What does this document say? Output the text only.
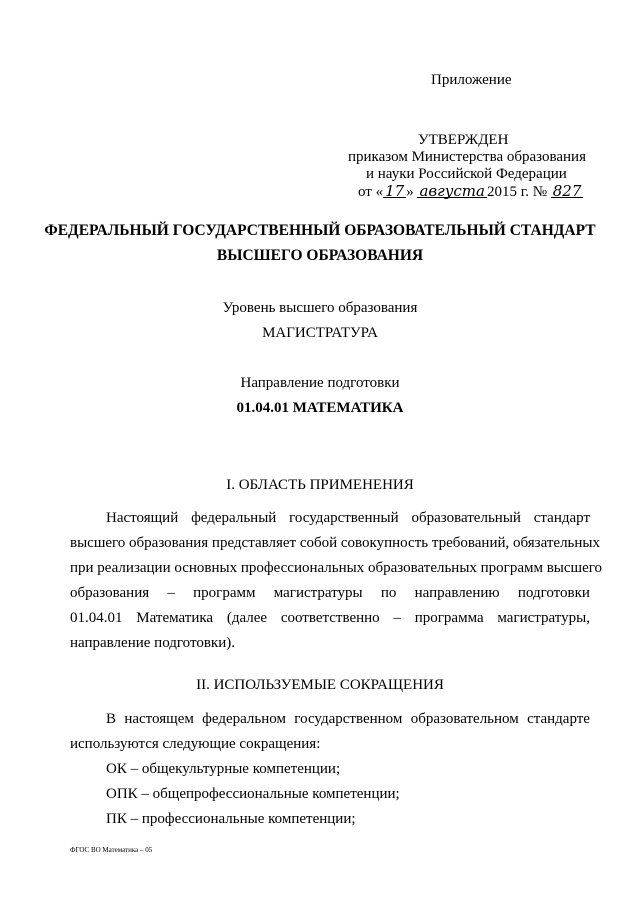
Приложение
УТВЕРЖДЕН
приказом Министерства образования
и науки Российской Федерации
от « 17 » августа 2015 г. № 827
ФЕДЕРАЛЬНЫЙ ГОСУДАРСТВЕННЫЙ ОБРАЗОВАТЕЛЬНЫЙ СТАНДАРТ
ВЫСШЕГО ОБРАЗОВАНИЯ
Уровень высшего образования
МАГИСТРАТУРА
Направление подготовки
01.04.01 МАТЕМАТИКА
I. ОБЛАСТЬ ПРИМЕНЕНИЯ
Настоящий федеральный государственный образовательный стандарт
высшего образования представляет собой совокупность требований, обязательных
при реализации основных профессиональных образовательных программ высшего
образования – программ магистратуры по направлению подготовки
01.04.01 Математика (далее соответственно – программа магистратуры,
направление подготовки).
II. ИСПОЛЬЗУЕМЫЕ СОКРАЩЕНИЯ
В настоящем федеральном государственном образовательном стандарте
используются следующие сокращения:
ОК – общекультурные компетенции;
ОПК – общепрофессиональные компетенции;
ПК – профессиональные компетенции;
ФГОС ВО Математика – 05
